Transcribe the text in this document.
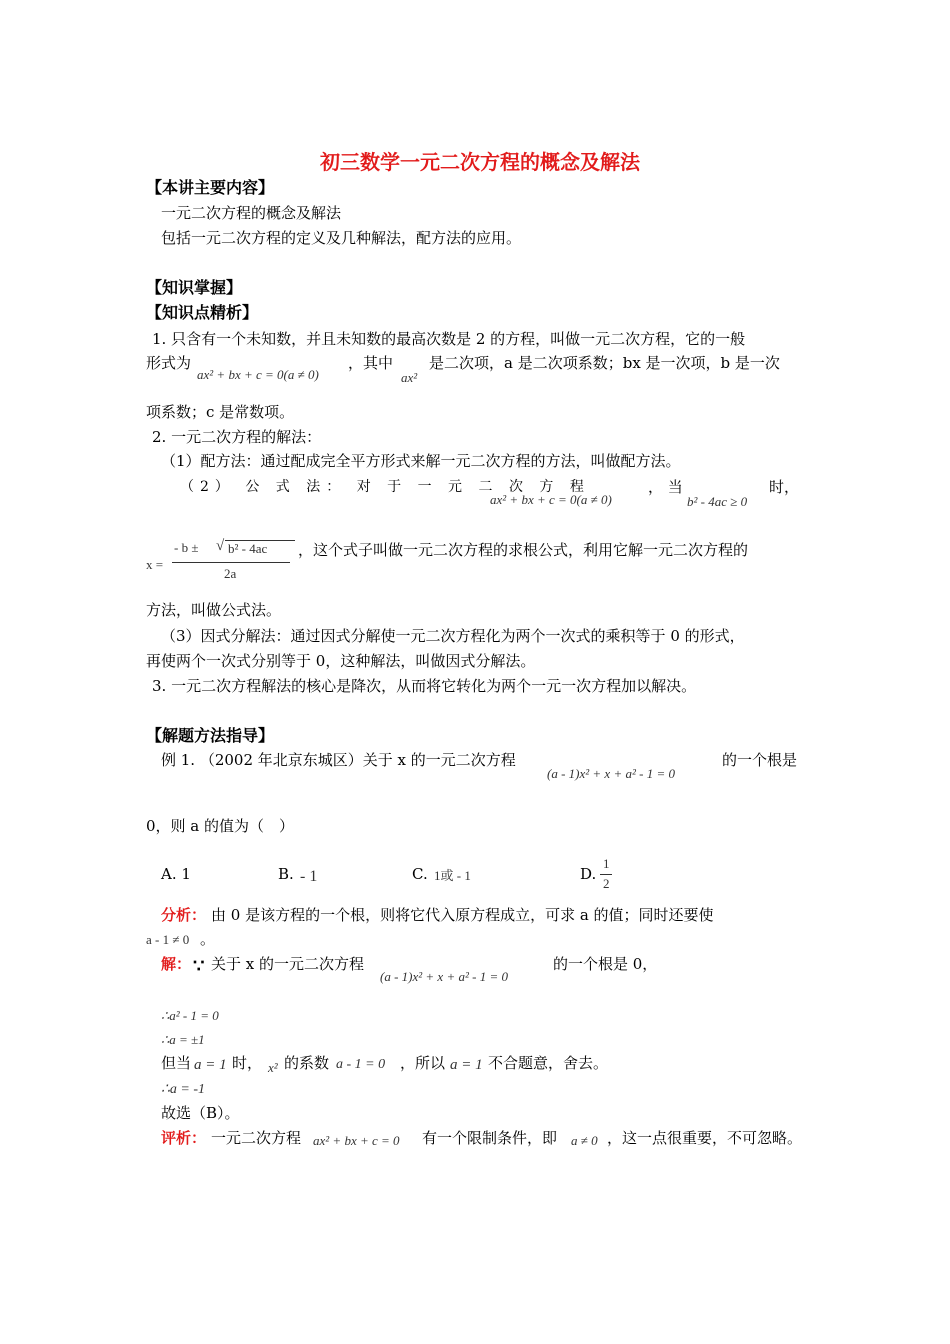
初三数学一元二次方程的概念及解法
【本讲主要内容】
一元二次方程的概念及解法
包括一元二次方程的定义及几种解法，配方法的应用。
【知识掌握】
【知识点精析】
1. 只含有一个未知数，并且未知数的最高次数是 2 的方程，叫做一元二次方程，它的一般
形式为
ax² + bx + c = 0(a ≠ 0)
，其中
ax²
是二次项，a 是二次项系数；bx 是一次项，b 是一次
项系数；c 是常数项。
2. 一元二次方程的解法：
（1）配方法：通过配成完全平方形式来解一元二次方程的方法，叫做配方法。
（2） 公 式 法： 对 于 一 元 二 次 方 程
ax² + bx + c = 0(a ≠ 0)
， 当
b² - 4ac ≥ 0
时，
x =
- b ± √ b² - 4ac
2a
，这个式子叫做一元二次方程的求根公式，利用它解一元二次方程的
方法，叫做公式法。
（3）因式分解法：通过因式分解使一元二次方程化为两个一次式的乘积等于 0 的形式，
再使两个一次式分别等于 0，这种解法，叫做因式分解法。
3. 一元二次方程解法的核心是降次，从而将它转化为两个一元一次方程加以解决。
【解题方法指导】
例 1. （2002 年北京东城区）关于 x 的一元二次方程
(a - 1)x² + x + a² - 1 = 0
的一个根是
0，则 a 的值为（　）
A. 1	B. - 1	C. 1或 - 1	D.
1
2
分析： 由 0 是该方程的一个根，则将它代入原方程成立，可求 a 的值；同时还要使
a - 1 ≠ 0 。
解： ∵ 关于 x 的一元二次方程
(a - 1)x² + x + a² - 1 = 0
的一个根是 0，
∴a² - 1 = 0
∴a = ±1
但当 a = 1 时， x² 的系数 a - 1 = 0 ，所以 a = 1 不合题意，舍去。
∴a = -1
故选（B）。
评析： 一元二次方程 ax² + bx + c = 0 有一个限制条件，即 a ≠ 0 ，这一点很重要，不可忽略。
